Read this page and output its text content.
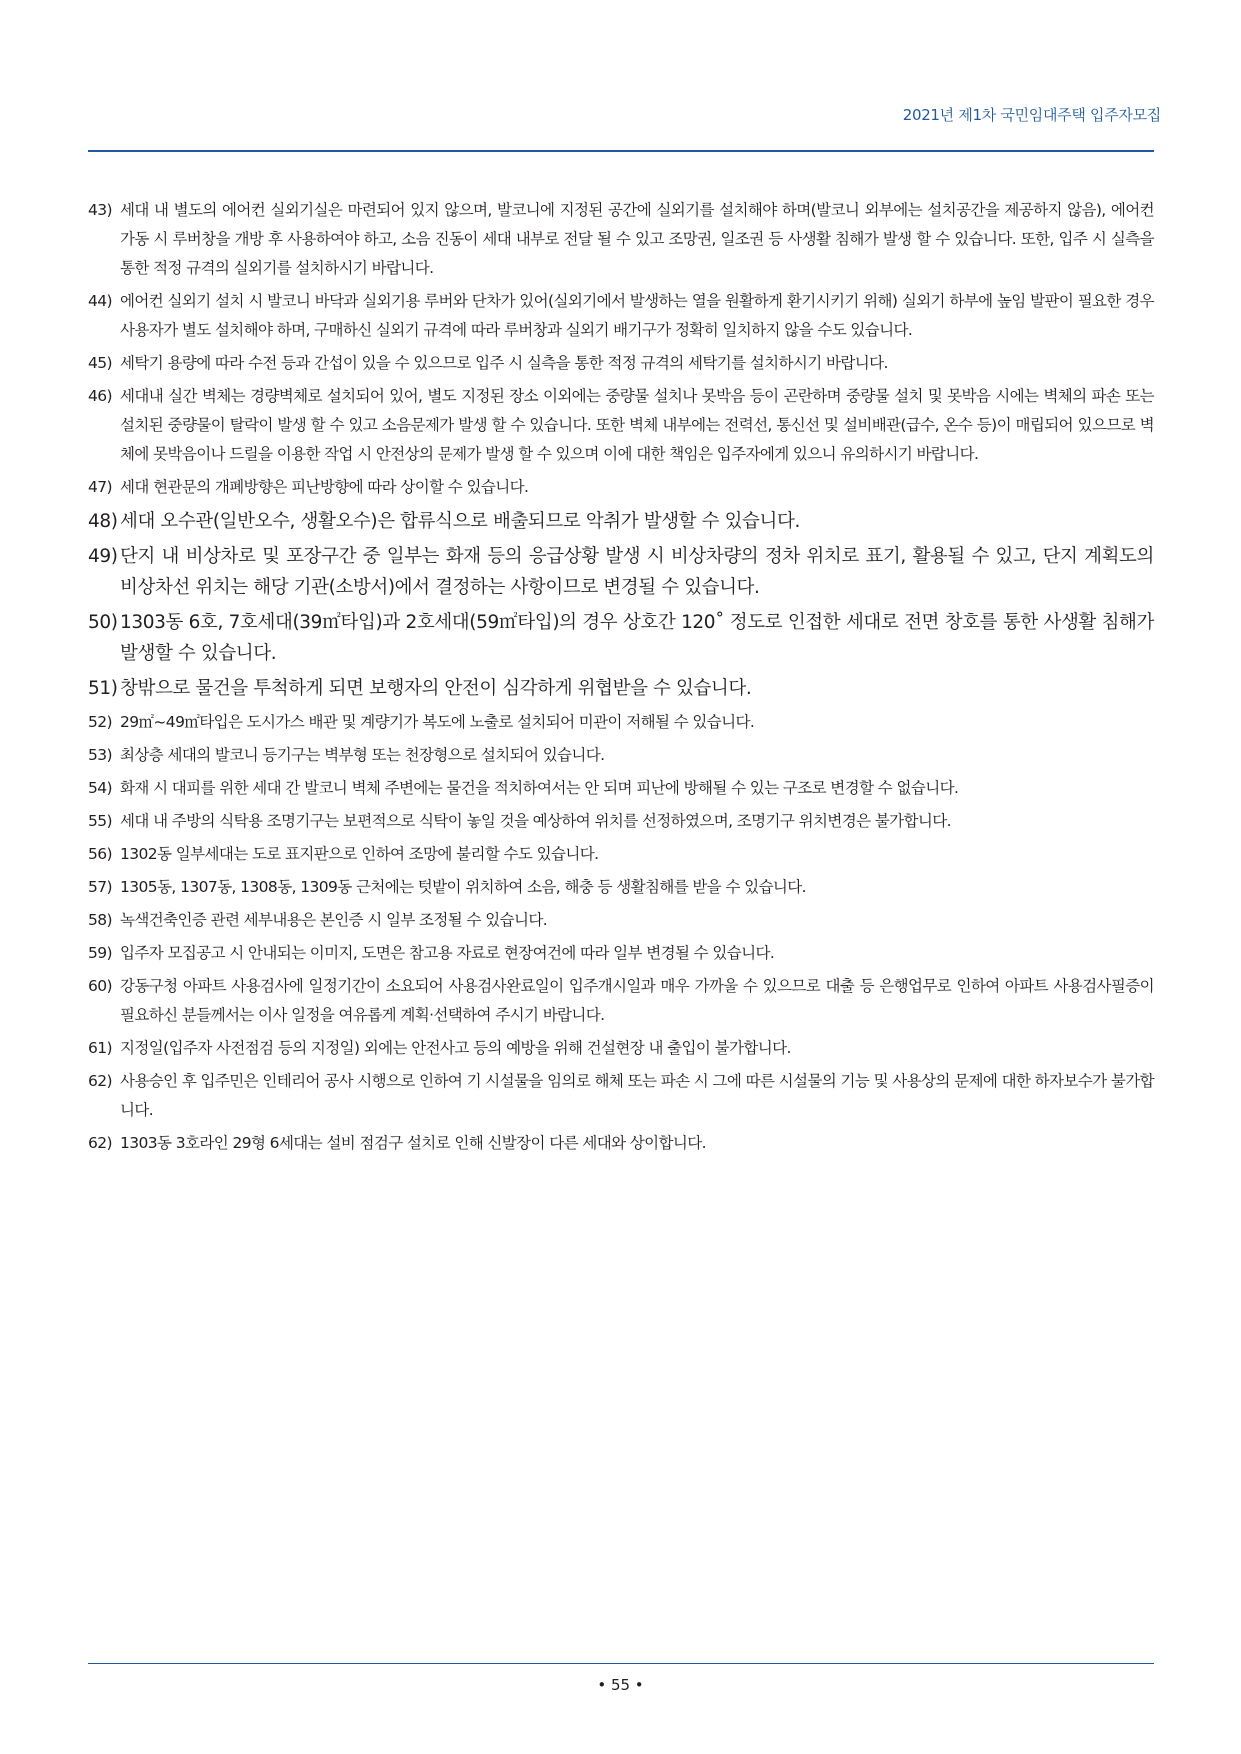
2021년 제1차 국민임대주택 입주자모집
43) 세대 내 별도의 에어컨 실외기실은 마련되어 있지 않으며, 발코니에 지정된 공간에 실외기를 설치해야 하며(발코니 외부에는 설치공간을 제공하지 않음), 에어컨 가동 시 루버창을 개방 후 사용하여야 하고, 소음 진동이 세대 내부로 전달 될 수 있고 조망권, 일조권 등 사생활 침해가 발생 할 수 있습니다. 또한, 입주 시 실측을 통한 적정 규격의 실외기를 설치하시기 바랍니다.
44) 에어컨 실외기 설치 시 발코니 바닥과 실외기용 루버와 단차가 있어(실외기에서 발생하는 열을 원활하게 환기시키기 위해) 실외기 하부에 높임 발판이 필요한 경우 사용자가 별도 설치해야 하며, 구매하신 실외기 규격에 따라 루버창과 실외기 배기구가 정확히 일치하지 않을 수도 있습니다.
45) 세탁기 용량에 따라 수전 등과 간섭이 있을 수 있으므로 입주 시 실측을 통한 적정 규격의 세탁기를 설치하시기 바랍니다.
46) 세대내 실간 벽체는 경량벽체로 설치되어 있어, 별도 지정된 장소 이외에는 중량물 설치나 못박음 등이 곤란하며 중량물 설치 및 못박음 시에는 벽체의 파손 또는 설치된 중량물이 탈락이 발생 할 수 있고 소음문제가 발생 할 수 있습니다. 또한 벽체 내부에는 전력선, 통신선 및 설비배관(급수, 온수 등)이 매립되어 있으므로 벽체에 못박음이나 드릴을 이용한 작업 시 안전상의 문제가 발생 할 수 있으며 이에 대한 책임은 입주자에게 있으니 유의하시기 바랍니다.
47) 세대 현관문의 개폐방향은 피난방향에 따라 상이할 수 있습니다.
48) 세대 오수관(일반오수, 생활오수)은 합류식으로 배출되므로 악취가 발생할 수 있습니다.
49) 단지 내 비상차로 및 포장구간 중 일부는 화재 등의 응급상황 발생 시 비상차량의 정차 위치로 표기, 활용될 수 있고, 단지 계획도의 비상차선 위치는 해당 기관(소방서)에서 결정하는 사항이므로 변경될 수 있습니다.
50) 1303동 6호, 7호세대(39㎡타입)과 2호세대(59㎡타입)의 경우 상호간 120˚ 정도로 인접한 세대로 전면 창호를 통한 사생활 침해가 발생할 수 있습니다.
51) 창밖으로 물건을 투척하게 되면 보행자의 안전이 심각하게 위협받을 수 있습니다.
52) 29㎡~49㎡타입은 도시가스 배관 및 계량기가 복도에 노출로 설치되어 미관이 저해될 수 있습니다.
53) 최상층 세대의 발코니 등기구는 벽부형 또는 천장형으로 설치되어 있습니다.
54) 화재 시 대피를 위한 세대 간 발코니 벽체 주변에는 물건을 적치하여서는 안 되며 피난에 방해될 수 있는 구조로 변경할 수 없습니다.
55) 세대 내 주방의 식탁용 조명기구는 보편적으로 식탁이 놓일 것을 예상하여 위치를 선정하였으며, 조명기구 위치변경은 불가합니다.
56) 1302동 일부세대는 도로 표지판으로 인하여 조망에 불리할 수도 있습니다.
57) 1305동, 1307동, 1308동, 1309동 근처에는 텃밭이 위치하여 소음, 해충 등 생활침해를 받을 수 있습니다.
58) 녹색건축인증 관련 세부내용은 본인증 시 일부 조정될 수 있습니다.
59) 입주자 모집공고 시 안내되는 이미지, 도면은 참고용 자료로 현장여건에 따라 일부 변경될 수 있습니다.
60) 강동구청 아파트 사용검사에 일정기간이 소요되어 사용검사완료일이 입주개시일과 매우 가까울 수 있으므로 대출 등 은행업무로 인하여 아파트 사용검사필증이 필요하신 분들께서는 이사 일정을 여유롭게 계획·선택하여 주시기 바랍니다.
61) 지정일(입주자 사전점검 등의 지정일) 외에는 안전사고 등의 예방을 위해 건설현장 내 출입이 불가합니다.
62) 사용승인 후 입주민은 인테리어 공사 시행으로 인하여 기 시설물을 임의로 해체 또는 파손 시 그에 따른 시설물의 기능 및 사용상의 문제에 대한 하자보수가 불가합니다.
62) 1303동 3호라인 29형 6세대는 설비 점검구 설치로 인해 신발장이 다른 세대와 상이합니다.
• 55 •
